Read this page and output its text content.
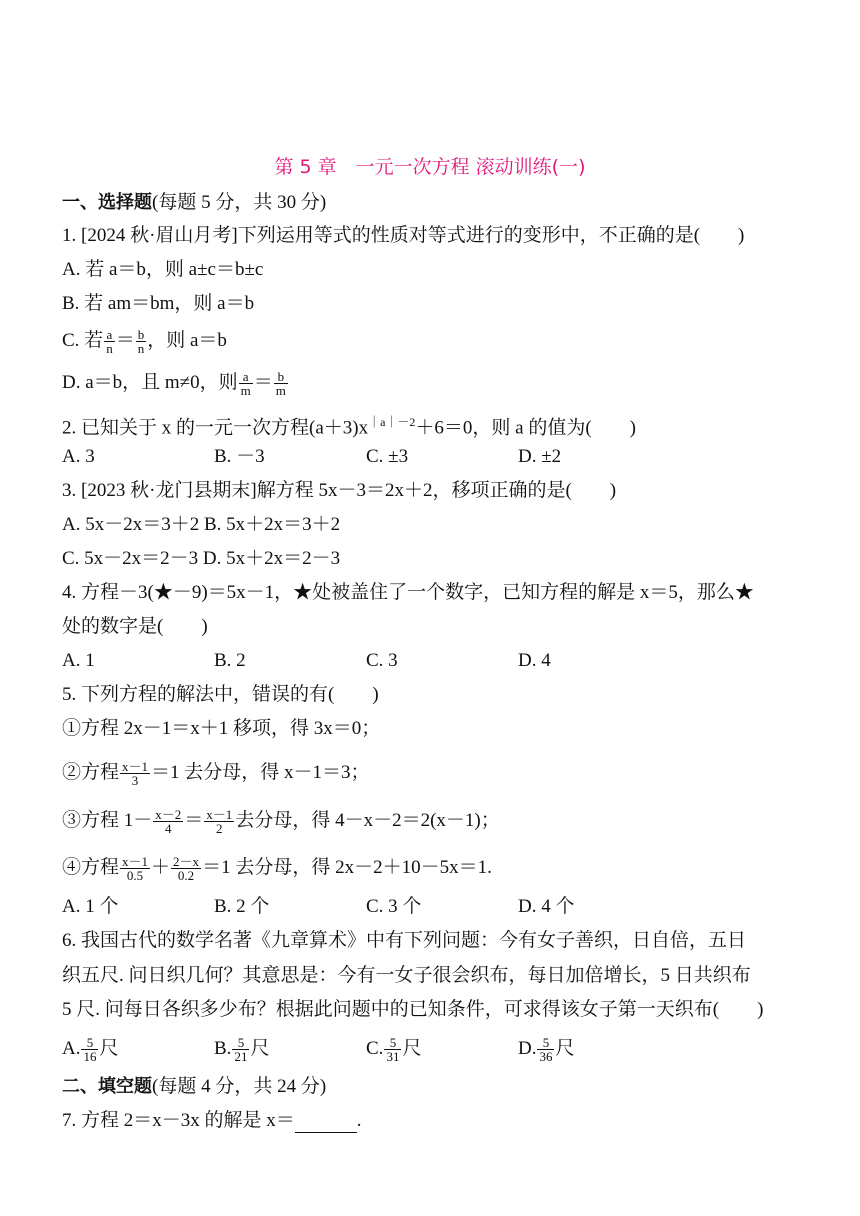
第 5 章　一元一次方程 滚动训练(一)
一、选择题(每题 5 分，共 30 分)
1. [2024 秋·眉山月考]下列运用等式的性质对等式进行的变形中，不正确的是(　　)
A. 若 a＝b，则 a±c＝b±c
B. 若 am＝bm，则 a＝b
C. 若 $\frac{a}{n} = \frac{b}{n}$ ，则 a＝b
D. a＝b，且 m≠0，则 $\frac{a}{m} = \frac{b}{m}$
2. 已知关于 x 的一元一次方程$(a+3)x^{|a|-2}+6=0$，则 a 的值为(　　)
A. 3	B. －3	C. ±3	D. ±2
3. [2023 秋·龙门县期末]解方程 5x－3＝2x＋2，移项正确的是(　　)
A. 5x－2x＝3＋2 B. 5x＋2x＝3＋2
C. 5x－2x＝2－3 D. 5x＋2x＝2－3
4. 方程－3(★－9)＝5x－1，★处被盖住了一个数字，已知方程的解是 x＝5，那么★
处的数字是(　　)
A. 1	B. 2	C. 3	D. 4
5. 下列方程的解法中，错误的有(　　)
①方程 2x－1＝x＋1 移项，得 3x＝0；
②方程 $\frac{x-1}{3} =1$ 去分母，得 x－1＝3；
③方程 $1- \frac{x-2}{4} = \frac{x-1}{2}$ 去分母，得 4－x－2＝2(x－1)；
④方程 $\frac{x-1}{0.5} + \frac{2-x}{0.2} =1$ 去分母，得 2x－2＋10－5x＝1.
A. 1 个	B. 2 个	C. 3 个	D. 4 个
6. 我国古代的数学名著《九章算术》中有下列问题：今有女子善织，日自倍，五日
织五尺. 问日织几何？其意思是：今有一女子很会织布，每日加倍增长，5 日共织布
5 尺. 问每日各织多少布？根据此问题中的已知条件，可求得该女子第一天织布(　　)
A. $\frac{5}{16}$ 尺	B. $\frac{5}{21}$ 尺	C. $\frac{5}{31}$ 尺	D. $\frac{5}{36}$ 尺
二、填空题(每题 4 分，共 24 分)
7. 方程 2＝x－3x 的解是 x＝	.
